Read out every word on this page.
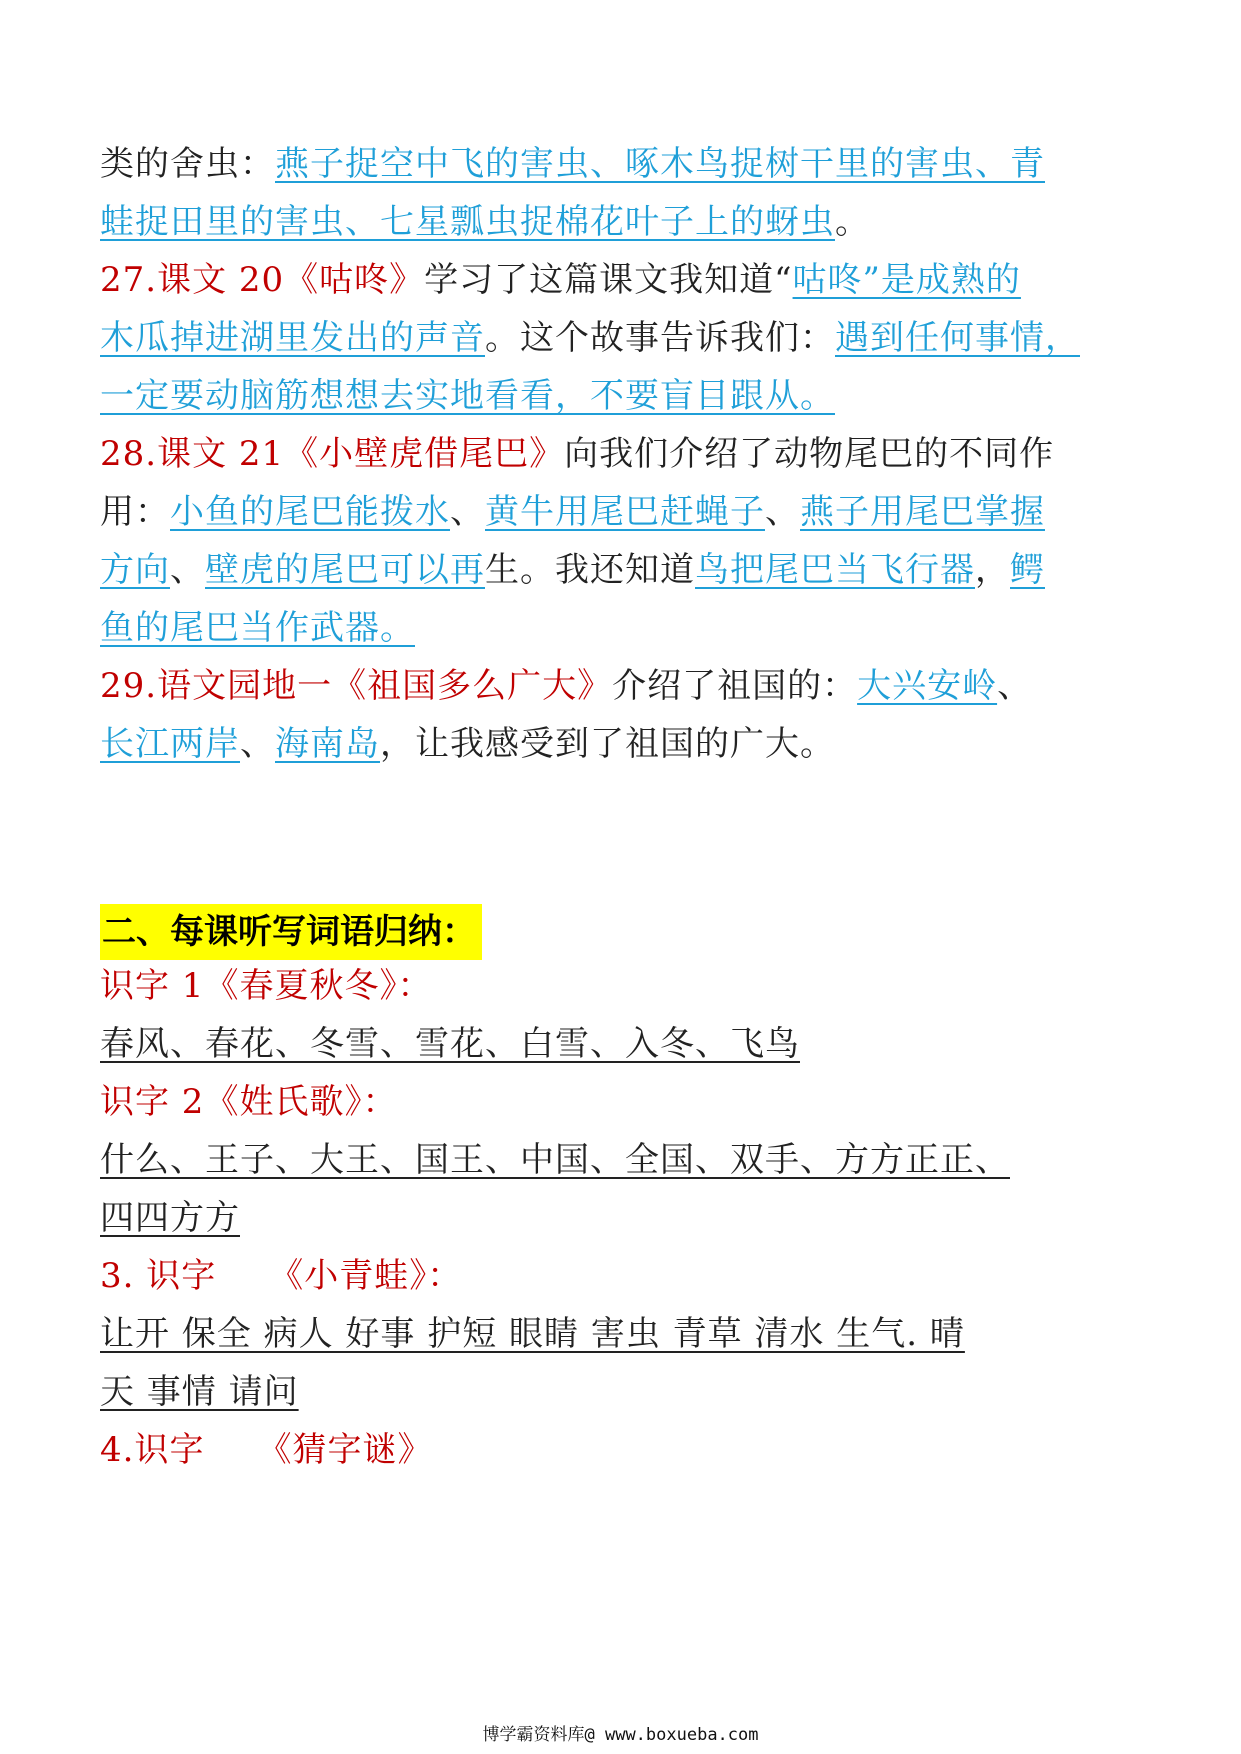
类的舍虫：燕子捉空中飞的害虫、啄木鸟捉树干里的害虫、青
蛙捉田里的害虫、七星瓢虫捉棉花叶子上的蚜虫。
27.课文 20《咕咚》学习了这篇课文我知道“咕咚”是成熟的
木瓜掉进湖里发出的声音。这个故事告诉我们：遇到任何事情，
一定要动脑筋想想去实地看看，不要盲目跟从。
28.课文 21《小壁虎借尾巴》向我们介绍了动物尾巴的不同作
用：小鱼的尾巴能拨水、黄牛用尾巴赶蝇子、燕子用尾巴掌握
方向、壁虎的尾巴可以再生。我还知道鸟把尾巴当飞行器，鳄
鱼的尾巴当作武器。
29.语文园地一《祖国多么广大》介绍了祖国的：大兴安岭、
长江两岸、海南岛，让我感受到了祖国的广大。
二、每课听写词语归纳：
识字 1《春夏秋冬》：
春风、春花、冬雪、雪花、白雪、入冬、飞鸟
识字 2《姓氏歌》：
什么、王子、大王、国王、中国、全国、双手、方方正正、
四四方方
3. 识字　　《小青蛙》：
让开 保全 病人 好事 护短 眼睛 害虫 青草 清水 生气. 晴
天 事情 请问
4.识字　　《猜字谜》
博学霸资料库@ www.boxueba.com
